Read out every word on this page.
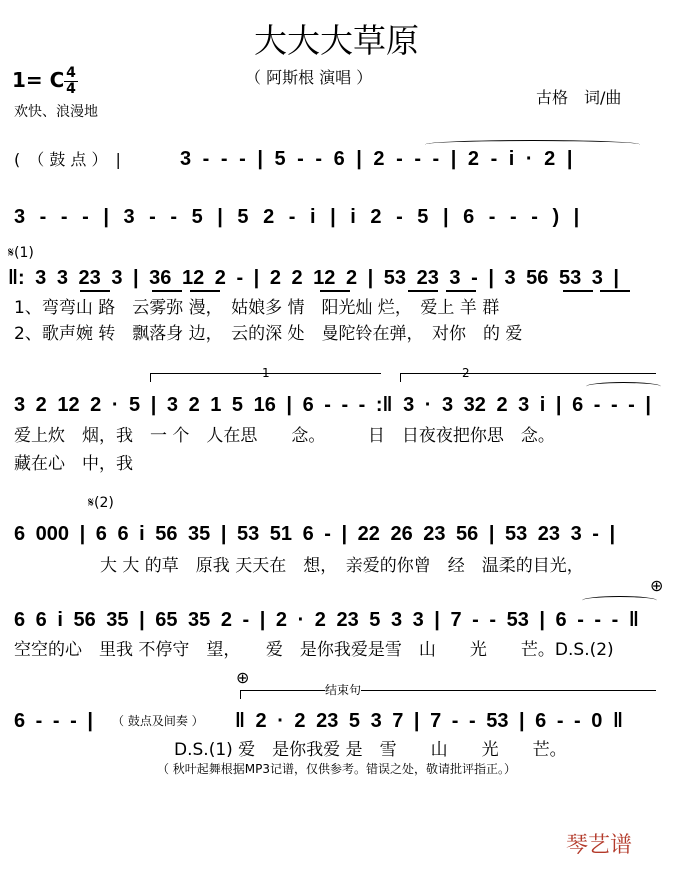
大大大草原
（ 阿斯根 演唱 ）
1= C 4
4
欢快、浪漫地
古格　词/曲
(　（ 鼓 点 ）　|	3 - - - | 5 - - 6 | 2 - - - | 2 - i · 2 |
3 - - - | 3 - - 5 | 5 2 - i | i 2 - 5 | 6 - - - ) |
𝄋(1)
‖: 3 3 23 3 | 36 12 2 - | 2 2 12 2 | 53 23 3 - | 3 56 53 3 |
1、弯弯山 路　云雾弥 漫，　姑娘多 情　阳光灿 烂，　爱上 羊 群
2、歌声婉 转　飘落身 边，　云的深 处　曼陀铃在弹，　对你　的 爱
1	2
3 2 12 2 · 5 | 3 2 1 5 16 | 6 - - - :‖ 3 · 3 32 2 3 i | 6 - - - |
爱上炊　烟，我　一 个　人在思　　念。　　　日　日夜夜把你思　念。
藏在心　中，我
𝄋(2)
6 000 | 6 6 i 56 35 | 53 51 6 - | 22 26 23 56 | 53 23 3 - |
大 大 的草　原我 天天在　想，　亲爱的你曾　经　温柔的目光，
⊕
6 6 i 56 35 | 65 35 2 - | 2 · 2 23 5 3 3 | 7 - - 53 | 6 - - - ‖
空空的心　里我 不停守　望，　　爱　是你我爱是雪　山　　光　　芒。D.S.(2)
⊕
结束句
6 - - - | （ 鼓点及间奏 ） ‖ 2 · 2 23 5 3 7 | 7 - - 53 | 6 - - 0 ‖
D.S.(1) 爱　是你我爱 是　雪　　山　　光　　芒。
（ 秋叶起舞根据MP3记谱，仅供参考。错误之处，敬请批评指正。）
琴艺谱
